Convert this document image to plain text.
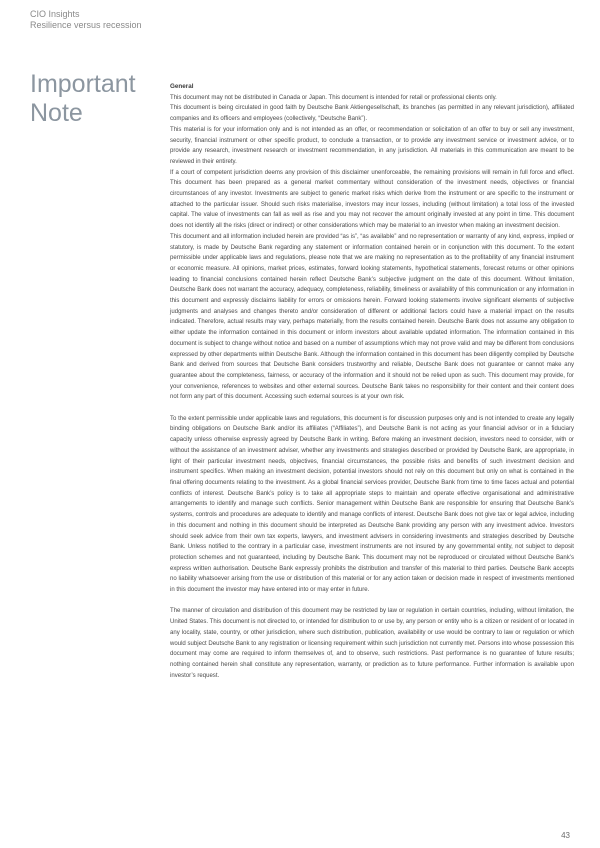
CIO Insights
Resilience versus recession
Important
Note

General

This document may not be distributed in Canada or Japan. This document is intended for retail or professional clients only.

This document is being circulated in good faith by Deutsche Bank Aktiengesellschaft, its branches (as permitted in any relevant jurisdiction), affiliated companies and its officers and employees (collectively, “Deutsche Bank”).

This material is for your information only and is not intended as an offer, or recommendation or solicitation of an offer to buy or sell any investment, security, financial instrument or other specific product, to conclude a transaction, or to provide any investment service or investment advice, or to provide any research, investment research or investment recommendation, in any jurisdiction. All materials in this communication are meant to be reviewed in their entirety.

If a court of competent jurisdiction deems any provision of this disclaimer unenforceable, the remaining provisions will remain in full force and effect. This document has been prepared as a general market commentary without consideration of the investment needs, objectives or financial circumstances of any investor. Investments are subject to generic market risks which derive from the instrument or are specific to the instrument or attached to the particular issuer. Should such risks materialise, investors may incur losses, including (without limitation) a total loss of the invested capital. The value of investments can fall as well as rise and you may not recover the amount originally invested at any point in time. This document does not identify all the risks (direct or indirect) or other considerations which may be material to an investor when making an investment decision.

This document and all information included herein are provided “as is”, “as available” and no representation or warranty of any kind, express, implied or statutory, is made by Deutsche Bank regarding any statement or information contained herein or in conjunction with this document. To the extent permissible under applicable laws and regulations, please note that we are making no representation as to the profitability of any financial instrument or economic measure. All opinions, market prices, estimates, forward looking statements, hypothetical statements, forecast returns or other opinions leading to financial conclusions contained herein reflect Deutsche Bank’s subjective judgment on the date of this document. Without limitation, Deutsche Bank does not warrant the accuracy, adequacy, completeness, reliability, timeliness or availability of this communication or any information in this document and expressly disclaims liability for errors or omissions herein. Forward looking statements involve significant elements of subjective judgments and analyses and changes thereto and/or consideration of different or additional factors could have a material impact on the results indicated. Therefore, actual results may vary, perhaps materially, from the results contained herein. Deutsche Bank does not assume any obligation to either update the information contained in this document or inform investors about available updated information. The information contained in this document is subject to change without notice and based on a number of assumptions which may not prove valid and may be different from conclusions expressed by other departments within Deutsche Bank. Although the information contained in this document has been diligently compiled by Deutsche Bank and derived from sources that Deutsche Bank considers trustworthy and reliable, Deutsche Bank does not guarantee or cannot make any guarantee about the completeness, fairness, or accuracy of the information and it should not be relied upon as such. This document may provide, for your convenience, references to websites and other external sources. Deutsche Bank takes no responsibility for their content and their content does not form any part of this document. Accessing such external sources is at your own risk.

To the extent permissible under applicable laws and regulations, this document is for discussion purposes only and is not intended to create any legally binding obligations on Deutsche Bank and/or its affiliates (“Affiliates”), and Deutsche Bank is not acting as your financial advisor or in a fiduciary capacity unless otherwise expressly agreed by Deutsche Bank in writing. Before making an investment decision, investors need to consider, with or without the assistance of an investment adviser, whether any investments and strategies described or provided by Deutsche Bank, are appropriate, in light of their particular investment needs, objectives, financial circumstances, the possible risks and benefits of such investment decision and instrument specifics. When making an investment decision, potential investors should not rely on this document but only on what is contained in the final offering documents relating to the investment. As a global financial services provider, Deutsche Bank from time to time faces actual and potential conflicts of interest. Deutsche Bank’s policy is to take all appropriate steps to maintain and operate effective organisational and administrative arrangements to identify and manage such conflicts. Senior management within Deutsche Bank are responsible for ensuring that Deutsche Bank’s systems, controls and procedures are adequate to identify and manage conflicts of interest. Deutsche Bank does not give tax or legal advice, including in this document and nothing in this document should be interpreted as Deutsche Bank providing any person with any investment advice. Investors should seek advice from their own tax experts, lawyers, and investment advisers in considering investments and strategies described by Deutsche Bank. Unless notified to the contrary in a particular case, investment instruments are not insured by any governmental entity, not subject to deposit protection schemes and not guaranteed, including by Deutsche Bank. This document may not be reproduced or circulated without Deutsche Bank’s express written authorisation. Deutsche Bank expressly prohibits the distribution and transfer of this material to third parties. Deutsche Bank accepts no liability whatsoever arising from the use or distribution of this material or for any action taken or decision made in respect of investments mentioned in this document the investor may have entered into or may enter in future.

The manner of circulation and distribution of this document may be restricted by law or regulation in certain countries, including, without limitation, the United States. This document is not directed to, or intended for distribution to or use by, any person or entity who is a citizen or resident of or located in any locality, state, country, or other jurisdiction, where such distribution, publication, availability or use would be contrary to law or regulation or which would subject Deutsche Bank to any registration or licensing requirement within such jurisdiction not currently met. Persons into whose possession this document may come are required to inform themselves of, and to observe, such restrictions. Past performance is no guarantee of future results; nothing contained herein shall constitute any representation, warranty, or prediction as to future performance. Further information is available upon investor’s request.

43
